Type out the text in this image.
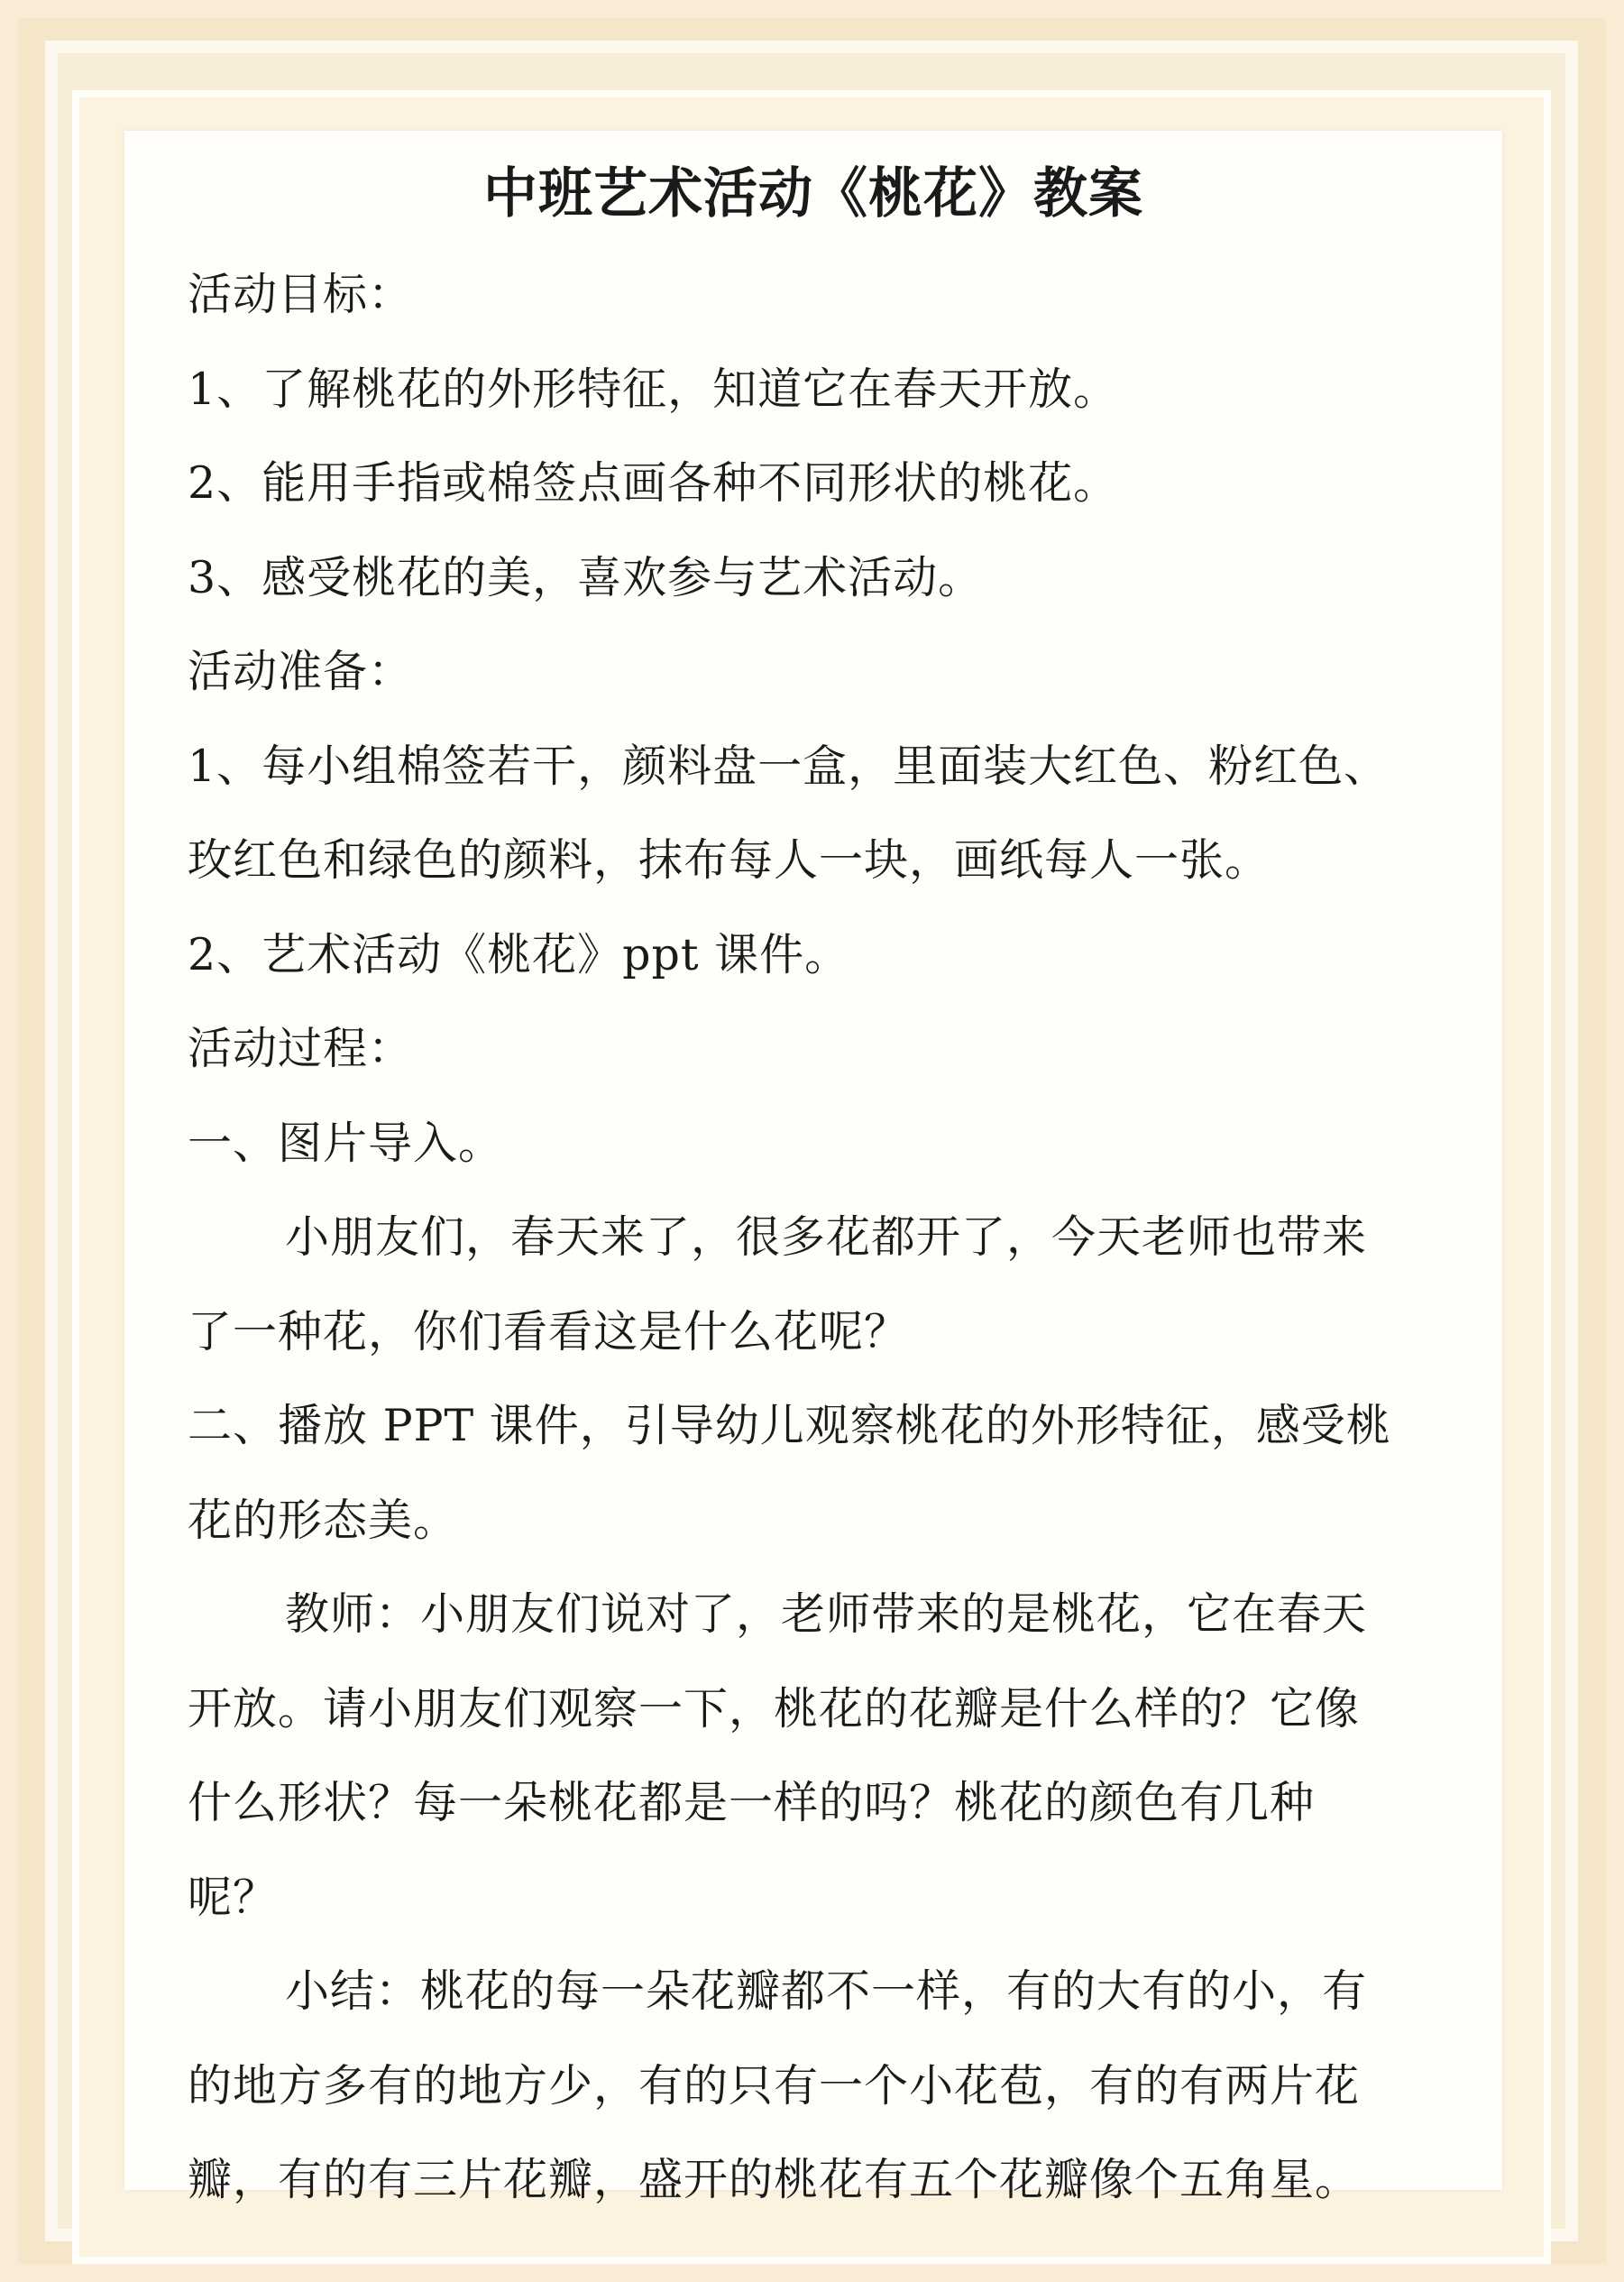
中班艺术活动《桃花》教案
活动目标：
1、了解桃花的外形特征，知道它在春天开放。
2、能用手指或棉签点画各种不同形状的桃花。
3、感受桃花的美，喜欢参与艺术活动。
活动准备：
1、每小组棉签若干，颜料盘一盒，里面装大红色、粉红色、
玫红色和绿色的颜料，抹布每人一块，画纸每人一张。
2、艺术活动《桃花》ppt 课件。
活动过程：
一、图片导入。
小朋友们，春天来了，很多花都开了，今天老师也带来
了一种花，你们看看这是什么花呢？
二、播放 PPT 课件，引导幼儿观察桃花的外形特征，感受桃
花的形态美。
教师：小朋友们说对了，老师带来的是桃花，它在春天
开放。请小朋友们观察一下，桃花的花瓣是什么样的？它像
什么形状？每一朵桃花都是一样的吗？桃花的颜色有几种
呢？
小结：桃花的每一朵花瓣都不一样，有的大有的小，有
的地方多有的地方少，有的只有一个小花苞，有的有两片花
瓣，有的有三片花瓣，盛开的桃花有五个花瓣像个五角星。
